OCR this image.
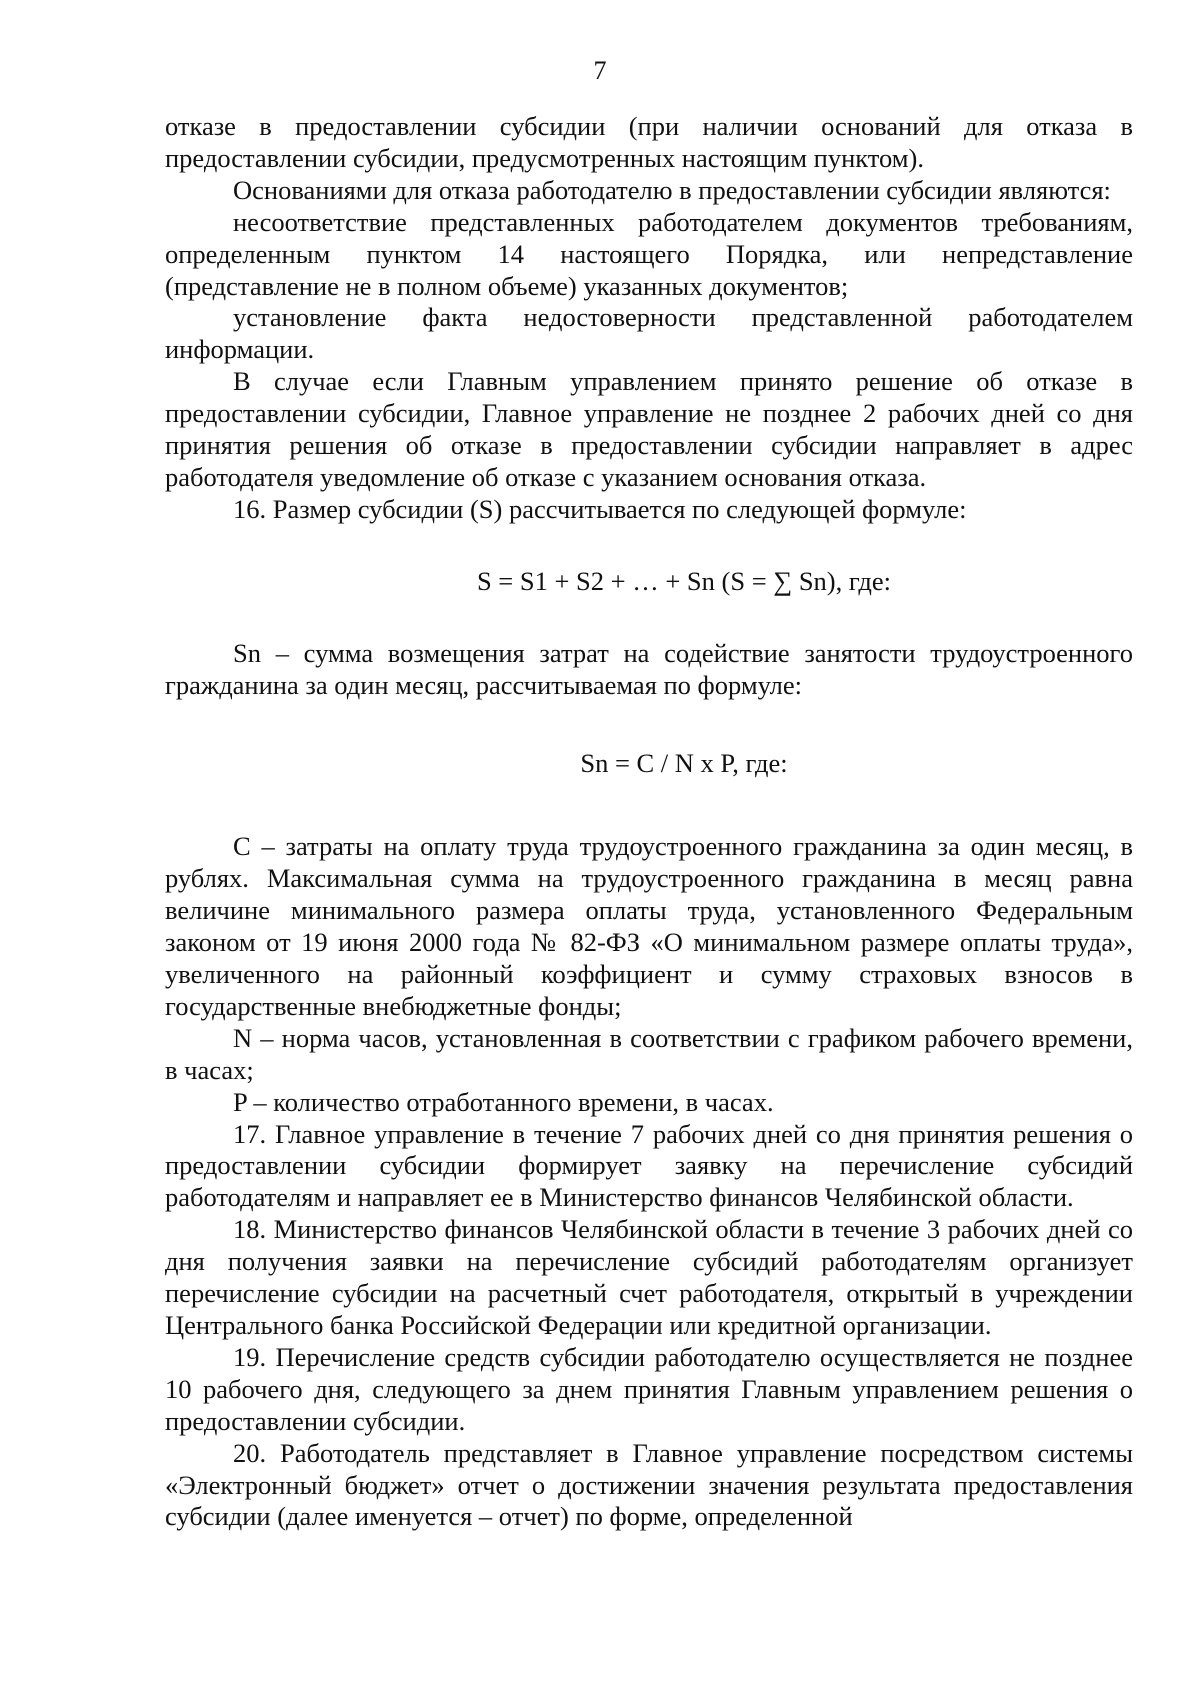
7

отказе в предоставлении субсидии (при наличии оснований для отказа в предоставлении субсидии, предусмотренных настоящим пунктом).

Основаниями для отказа работодателю в предоставлении субсидии являются:

несоответствие представленных работодателем документов требованиям, определенным пунктом 14 настоящего Порядка, или непредставление (представление не в полном объеме) указанных документов;

установление факта недостоверности представленной работодателем информации.

В случае если Главным управлением принято решение об отказе в предоставлении субсидии, Главное управление не позднее 2 рабочих дней со дня принятия решения об отказе в предоставлении субсидии направляет в адрес работодателя уведомление об отказе с указанием основания отказа.

16. Размер субсидии (S) рассчитывается по следующей формуле:

S = S1 + S2 + … + Sn (S = ∑ Sn), где:

Sn – сумма возмещения затрат на содействие занятости трудоустроенного гражданина за один месяц, рассчитываемая по формуле:

Sn = C / N x P, где:

C – затраты на оплату труда трудоустроенного гражданина за один месяц, в рублях. Максимальная сумма на трудоустроенного гражданина в месяц равна величине минимального размера оплаты труда, установленного Федеральным законом от 19 июня 2000 года № 82-ФЗ «О минимальном размере оплаты труда», увеличенного на районный коэффициент и сумму страховых взносов в государственные внебюджетные фонды;

N – норма часов, установленная в соответствии с графиком рабочего времени, в часах;

P – количество отработанного времени, в часах.

17. Главное управление в течение 7 рабочих дней со дня принятия решения о предоставлении субсидии формирует заявку на перечисление субсидий работодателям и направляет ее в Министерство финансов Челябинской области.

18. Министерство финансов Челябинской области в течение 3 рабочих дней со дня получения заявки на перечисление субсидий работодателям организует перечисление субсидии на расчетный счет работодателя, открытый в учреждении Центрального банка Российской Федерации или кредитной организации.

19. Перечисление средств субсидии работодателю осуществляется не позднее 10 рабочего дня, следующего за днем принятия Главным управлением решения о предоставлении субсидии.

20. Работодатель представляет в Главное управление посредством системы «Электронный бюджет» отчет о достижении значения результата предоставления субсидии (далее именуется – отчет) по форме, определенной
